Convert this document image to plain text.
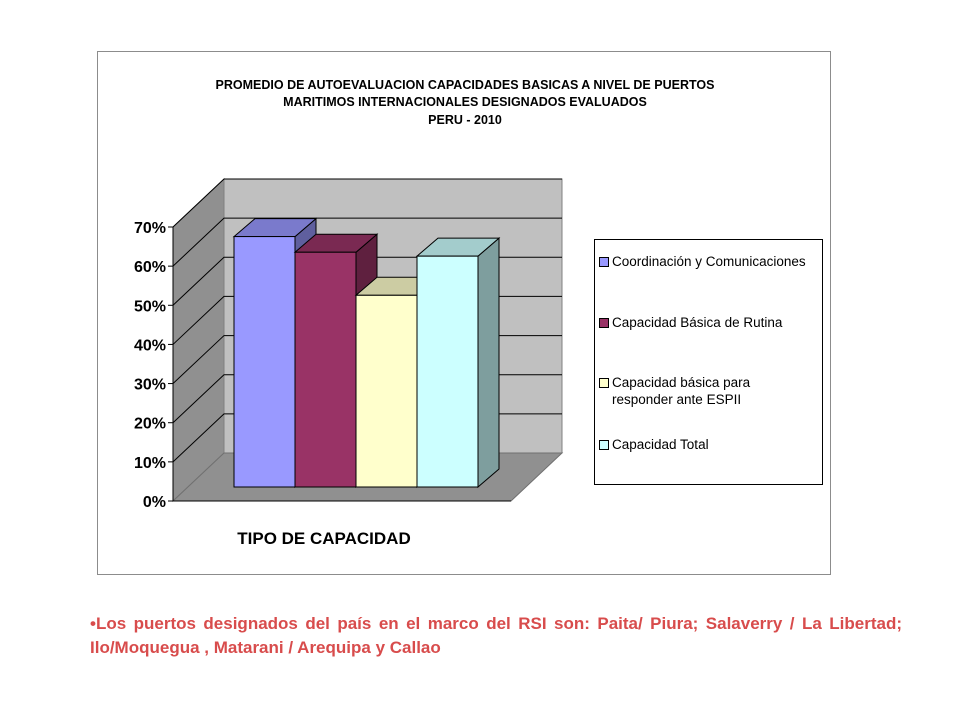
PROMEDIO DE AUTOEVALUACION CAPACIDADES BASICAS A NIVEL DE PUERTOS
MARITIMOS INTERNACIONALES DESIGNADOS EVALUADOS
PERU - 2010
0%
10%
20%
30%
40%
50%
60%
70%
TIPO DE CAPACIDAD
Coordinación y Comunicaciones
Capacidad Básica de Rutina
Capacidad básica para responder ante ESPII
Capacidad Total
•Los puertos designados del país en el marco del RSI son: Paita/ Piura; Salaverry / La Libertad; Ilo/Moquegua , Matarani / Arequipa y Callao
